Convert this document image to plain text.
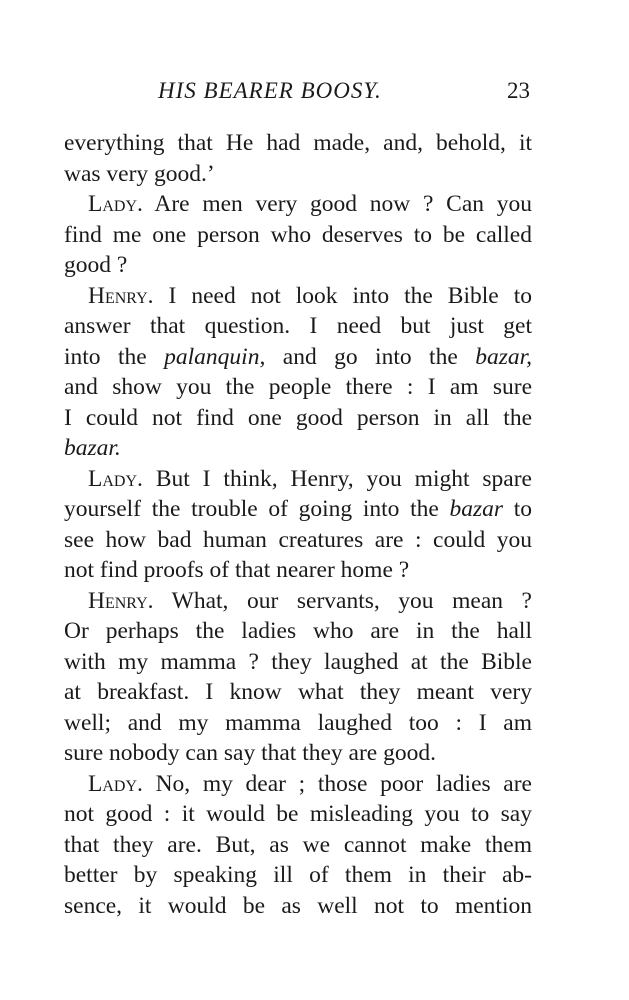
HIS BEARER BOOSY.	23
everything that He had made, and, behold, it
was very good.’
Lady. Are men very good now ? Can you
find me one person who deserves to be called
good ?
Henry. I need not look into the Bible to
answer that question. I need but just get
into the palanquin, and go into the bazar,
and show you the people there : I am sure
I could not find one good person in all the
bazar.
Lady. But I think, Henry, you might spare
yourself the trouble of going into the bazar to
see how bad human creatures are : could you
not find proofs of that nearer home ?
Henry. What, our servants, you mean ?
Or perhaps the ladies who are in the hall
with my mamma ? they laughed at the Bible
at breakfast. I know what they meant very
well; and my mamma laughed too : I am
sure nobody can say that they are good.
Lady. No, my dear ; those poor ladies are
not good : it would be misleading you to say
that they are. But, as we cannot make them
better by speaking ill of them in their ab-
sence, it would be as well not to mention
